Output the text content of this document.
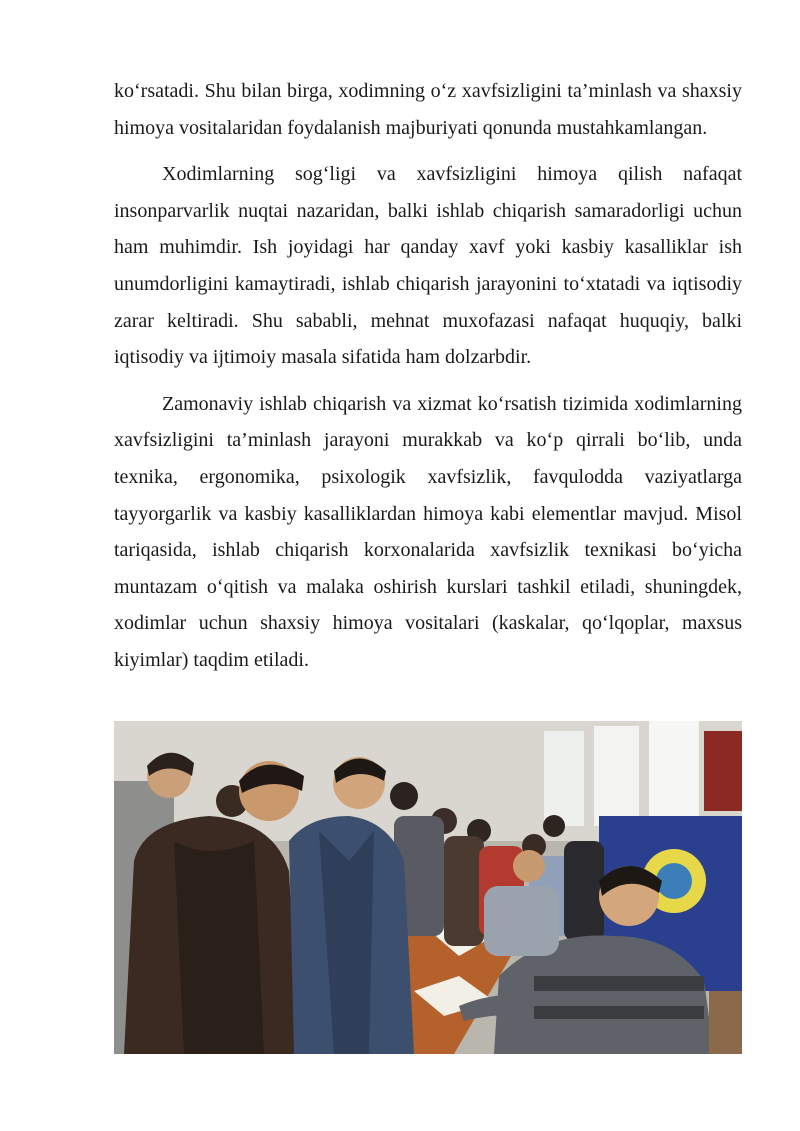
ko‘rsatadi. Shu bilan birga, xodimning o‘z xavfsizligini ta’minlash va shaxsiy himoya vositalaridan foydalanish majburiyati qonunda mustahkamlangan.

Xodimlarning sog‘ligi va xavfsizligini himoya qilish nafaqat insonparvarlik nuqtai nazaridan, balki ishlab chiqarish samaradorligi uchun ham muhimdir. Ish joyidagi har qanday xavf yoki kasbiy kasalliklar ish unumdorligini kamaytiradi, ishlab chiqarish jarayonini to‘xtatadi va iqtisodiy zarar keltiradi. Shu sababli, mehnat muxofazasi nafaqat huquqiy, balki iqtisodiy va ijtimoiy masala sifatida ham dolzarbdir.

Zamonaviy ishlab chiqarish va xizmat ko‘rsatish tizimida xodimlarning xavfsizligini ta’minlash jarayoni murakkab va ko‘p qirrali bo‘lib, unda texnika, ergonomika, psixologik xavfsizlik, favqulodda vaziyatlarga tayyorgarlik va kasbiy kasalliklardan himoya kabi elementlar mavjud. Misol tariqasida, ishlab chiqarish korxonalarida xavfsizlik texnikasi bo‘yicha muntazam o‘qitish va malaka oshirish kurslari tashkil etiladi, shuningdek, xodimlar uchun shaxsiy himoya vositalari (kaskalar, qo‘lqoplar, maxsus kiyimlar) taqdim etiladi.
